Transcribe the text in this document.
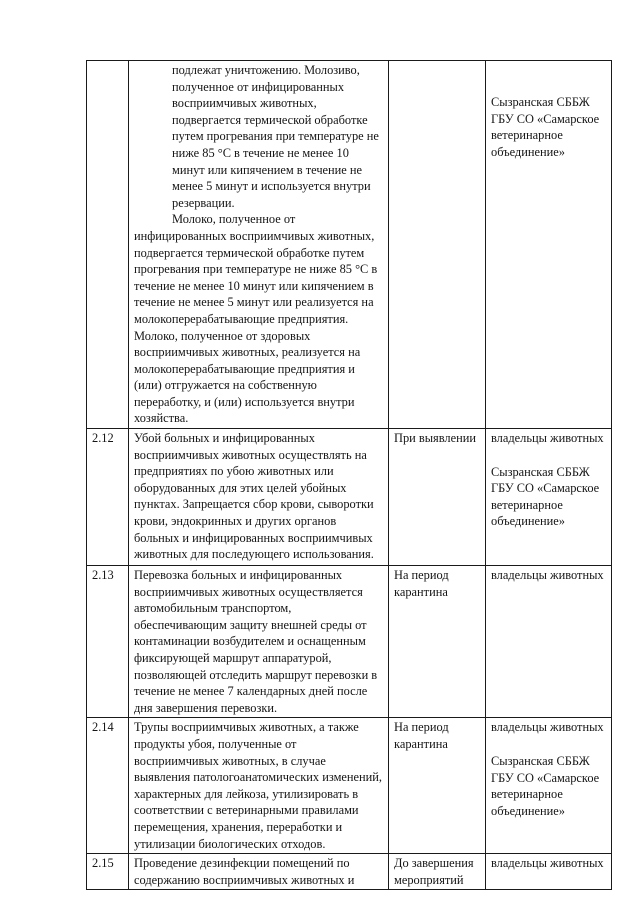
	подлежат уничтожению. Молозиво, полученное от инфицированных восприимчивых животных, подвергается термической обработке путем прогревания при температуре не ниже 85 °С в течение не менее 10 минут или кипячением в течение не менее 5 минут и используется внутри резервации.

Молоко, полученное от инфицированных восприимчивых животных, подвергается термической обработке путем прогревания при температуре не ниже 85 °С в течение не менее 10 минут или кипячением в течение не менее 5 минут или реализуется на молокоперерабатывающие предприятия. Молоко, полученное от здоровых восприимчивых животных, реализуется на молокоперерабатывающие предприятия и (или) отгружается на собственную переработку, и (или) используется внутри хозяйства.		Сызранская СББЖ ГБУ СО «Самарское ветеринарное объединение»

2.12	Убой больных и инфицированных восприимчивых животных осуществлять на предприятиях по убою животных или оборудованных для этих целей убойных пунктах. Запрещается сбор крови, сыворотки крови, эндокринных и других органов больных и инфицированных восприимчивых животных для последующего использования.	При выявлении	владельцы животных

Сызранская СББЖ ГБУ СО «Самарское ветеринарное объединение»

2.13	Перевозка больных и инфицированных восприимчивых животных осуществляется автомобильным транспортом, обеспечивающим защиту внешней среды от контаминации возбудителем и оснащенным фиксирующей маршрут аппаратурой, позволяющей отследить маршрут перевозки в течение не менее 7 календарных дней после дня завершения перевозки.	На период карантина	владельцы животных

2.14	Трупы восприимчивых животных, а также продукты убоя, полученные от восприимчивых животных, в случае выявления патологоанатомических изменений, характерных для лейкоза, утилизировать в соответствии с ветеринарными правилами перемещения, хранения, переработки и утилизации биологических отходов.	На период карантина	владельцы животных

Сызранская СББЖ ГБУ СО «Самарское ветеринарное объединение»

2.15	Проведение дезинфекции помещений по содержанию восприимчивых животных и	До завершения мероприятий	владельцы животных
